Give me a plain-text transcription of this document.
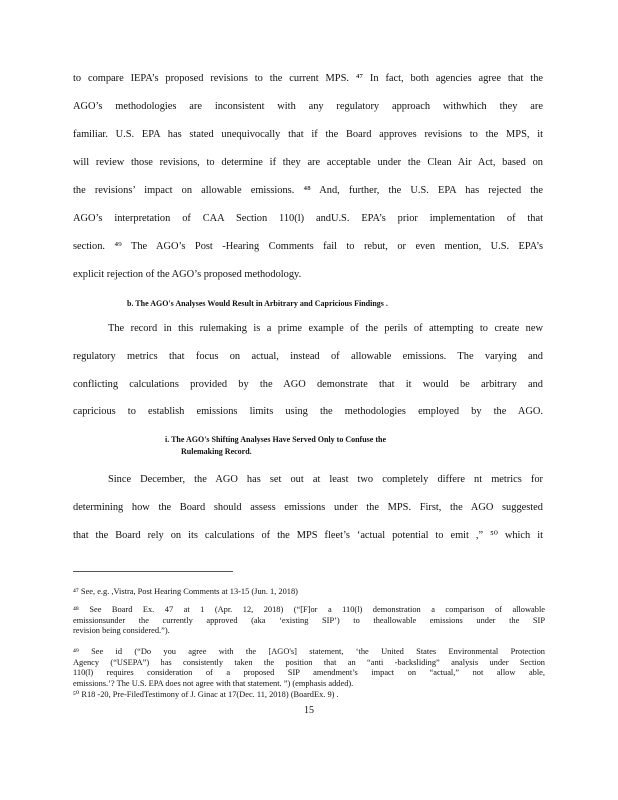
to compare IEPA’s proposed revisions to the current MPS. ⁴⁷ In fact, both agencies agree that the
AGO’s methodologies are inconsistent with any regulatory approach withwhich they are
familiar. U.S. EPA has stated unequivocally that if the Board approves revisions to the MPS, it
will review those revisions, to determine if they are acceptable under the Clean Air Act, based on
the revisions’ impact on allowable emissions. ⁴⁸ And, further, the U.S. EPA has rejected the
AGO’s interpretation of CAA Section 110(l) andU.S. EPA’s prior implementation of that
section. ⁴⁹ The AGO’s Post -Hearing Comments fail to rebut, or even mention, U.S. EPA’s
explicit rejection of the AGO’s proposed methodology.
b. The AGO's Analyses Would Result in Arbitrary and Capricious Findings .
The record in this rulemaking is a prime example of the perils of attempting to create new
regulatory metrics that focus on actual, instead of allowable emissions. The varying and
conflicting calculations provided by the AGO demonstrate that it would be arbitrary and
capricious to establish emissions limits using the methodologies employed by the AGO.
i. The AGO's Shifting Analyses Have Served Only to Confuse the
Rulemaking Record.
Since December, the AGO has set out at least two completely differe nt metrics for
determining how the Board should assess emissions under the MPS. First, the AGO suggested
that the Board rely on its calculations of the MPS fleet’s ‘actual potential to emit ,” ⁵⁰ which it
⁴⁷ See, e.g. ,Vistra, Post Hearing Comments at 13-15 (Jun. 1, 2018)
⁴⁸ See Board Ex. 47 at 1 (Apr. 12, 2018) (“[F]or a 110(l) demonstration a comparison of allowable
emissionsunder the currently approved (aka ‘existing SIP’) to theallowable emissions under the SIP
revision being considered.”).
⁴⁹ See id (“Do you agree with the [AGO's] statement, ‘the United States Environmental Protection
Agency (“USEPA”) has consistently taken the position that an “anti -backsliding” analysis under Section
110(l) requires consideration of a proposed SIP amendment’s impact on “actual,” not allow able,
emissions.’? The U.S. EPA does not agree with that statement. ”) (emphasis added).
⁵⁰ R18 -20, Pre-FiledTestimony of J. Ginac at 17(Dec. 11, 2018) (BoardEx. 9) .
15
